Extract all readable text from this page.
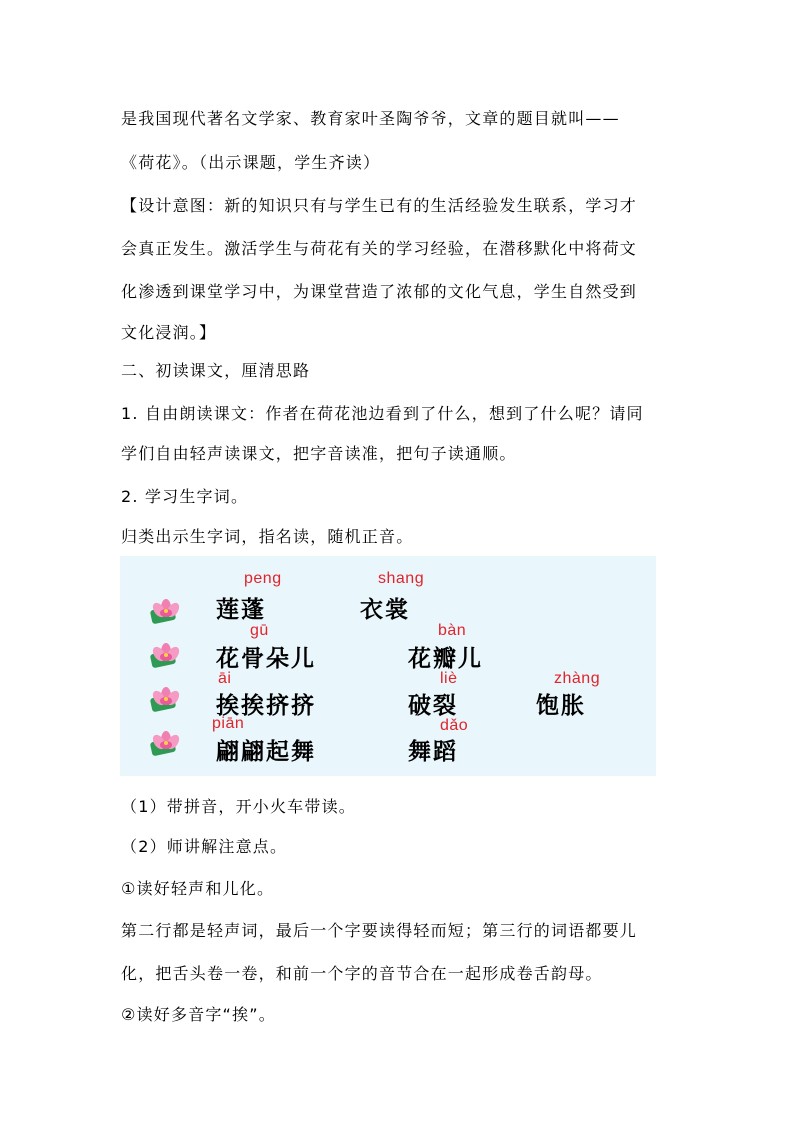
是我国现代著名文学家、教育家叶圣陶爷爷，文章的题目就叫——
《荷花》。（出示课题，学生齐读）
【设计意图：新的知识只有与学生已有的生活经验发生联系，学习才
会真正发生。激活学生与荷花有关的学习经验，在潜移默化中将荷文
化渗透到课堂学习中，为课堂营造了浓郁的文化气息，学生自然受到
文化浸润。】
二、初读课文，厘清思路
1. 自由朗读课文：作者在荷花池边看到了什么，想到了什么呢？请同
学们自由轻声读课文，把字音读准，把句子读通顺。
2. 学习生字词。
归类出示生字词，指名读，随机正音。
peng
莲蓬
shang
衣裳
gū
花骨朵儿
bàn
花瓣儿
āi
挨挨挤挤
liè
破裂
zhàng
饱胀
piān
翩翩起舞
dǎo
舞蹈
（1）带拼音，开小火车带读。
（2）师讲解注意点。
①读好轻声和儿化。
第二行都是轻声词，最后一个字要读得轻而短；第三行的词语都要儿
化，把舌头卷一卷，和前一个字的音节合在一起形成卷舌韵母。
②读好多音字“挨”。
